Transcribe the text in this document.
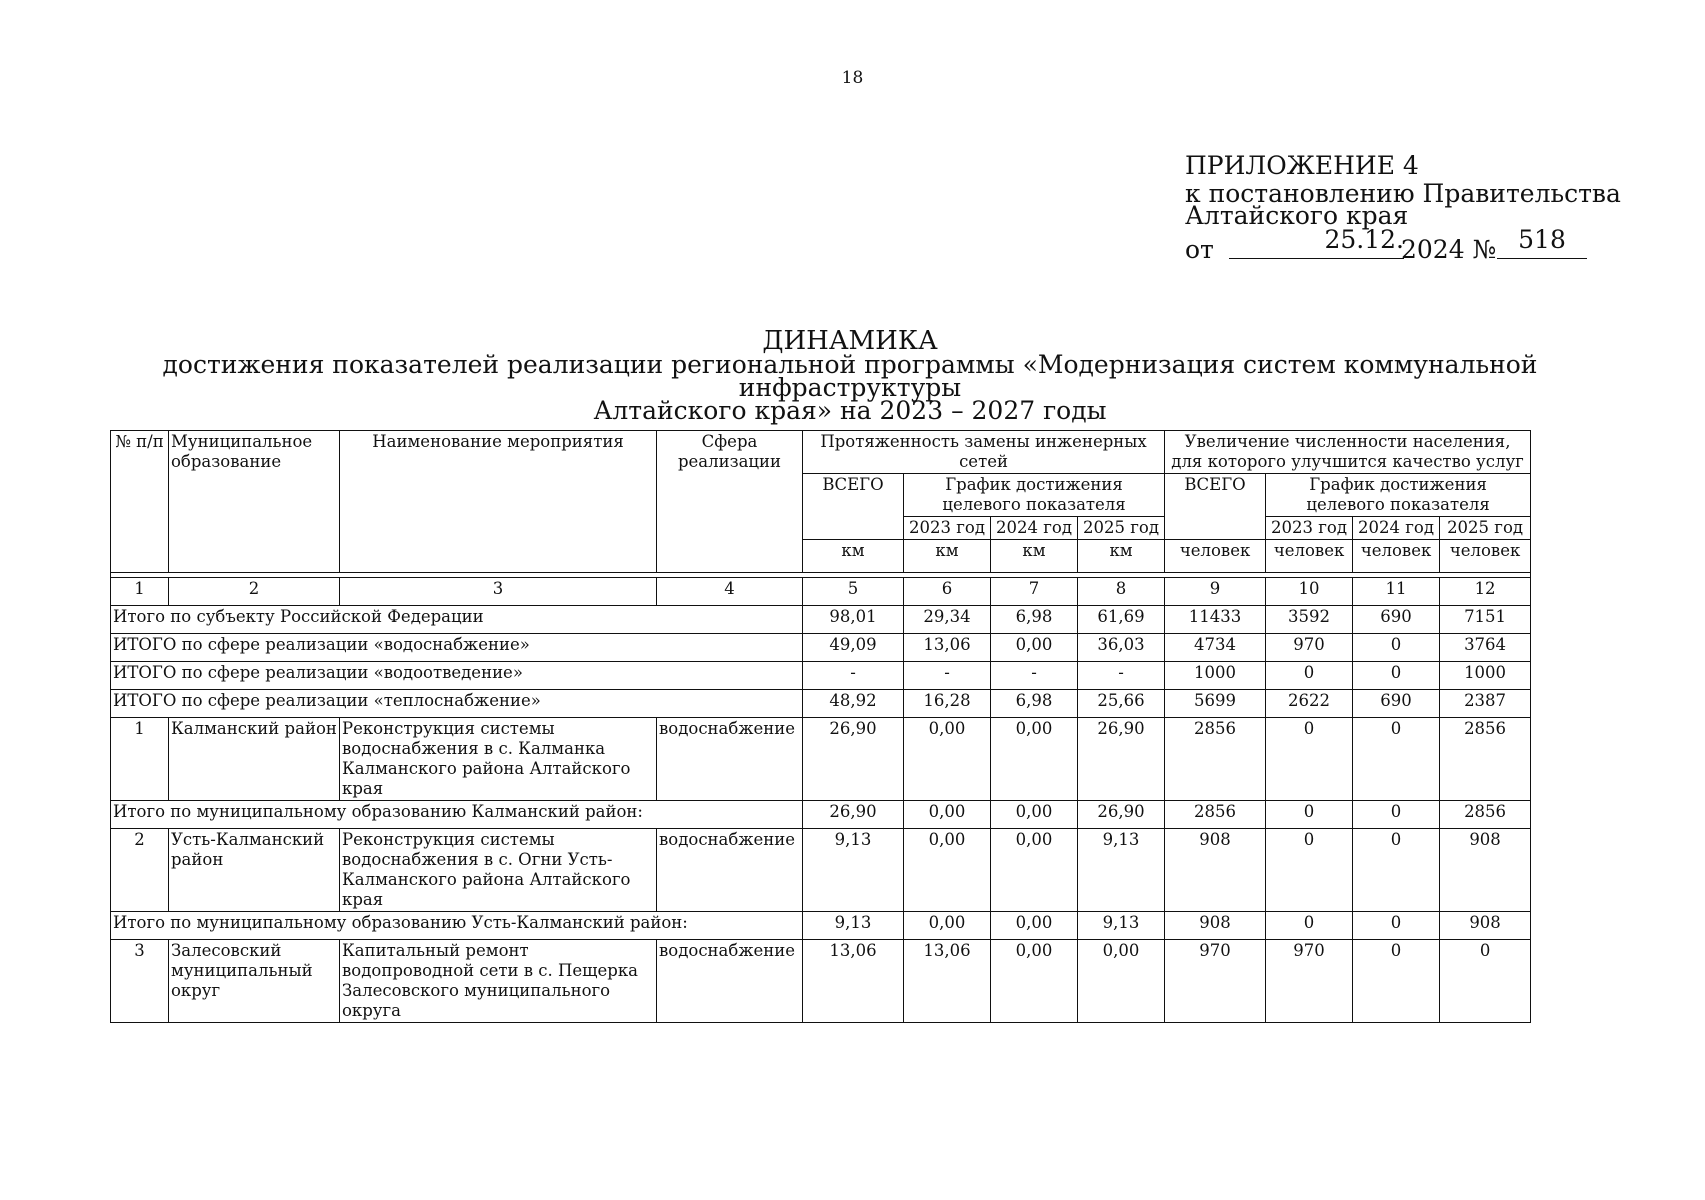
18
ПРИЛОЖЕНИЕ 4
к постановлению Правительства
Алтайского края
от	25.12.
2024 № 518
ДИНАМИКА
достижения показателей реализации региональной программы «Модернизация систем коммунальной инфраструктуры
Алтайского края» на 2023 – 2027 годы
№ п/п	Муниципальное образование	Наименование мероприятия	Сфера реализации	Протяженность замены инженерных сетей				Увеличение численности населения, для которого улучшится качество услуг			
				ВСЕГО	График достижения целевого показателя			ВСЕГО	График достижения целевого показателя		
					2023 год	2024 год	2025 год		2023 год	2024 год	2025 год
				км	км	км	км	человек	человек	человек	человек

1	2	3	4	5	6	7	8	9	10	11	12
Итого по субъекту Российской Федерации				98,01	29,34	6,98	61,69	11433	3592	690	7151
ИТОГО по сфере реализации «водоснабжение»				49,09	13,06	0,00	36,03	4734	970	0	3764
ИТОГО по сфере реализации «водоотведение»				-	-	-	-	1000	0	0	1000
ИТОГО по сфере реализации «теплоснабжение»				48,92	16,28	6,98	25,66	5699	2622	690	2387
1	Калманский район	Реконструкция системы водоснабжения в с. Калманка Калманского района Алтайского края	водоснабжение	26,90	0,00	0,00	26,90	2856	0	0	2856
Итого по муниципальному образованию Калманский район:				26,90	0,00	0,00	26,90	2856	0	0	2856
2	Усть-Калманский район	Реконструкция системы водоснабжения в с. Огни Усть-Калманского района Алтайского края	водоснабжение	9,13	0,00	0,00	9,13	908	0	0	908
Итого по муниципальному образованию Усть-Калманский район:				9,13	0,00	0,00	9,13	908	0	0	908
3	Залесовский муниципальный округ	Капитальный ремонт водопроводной сети в с. Пещерка Залесовского муниципального округа	водоснабжение	13,06	13,06	0,00	0,00	970	970	0	0
